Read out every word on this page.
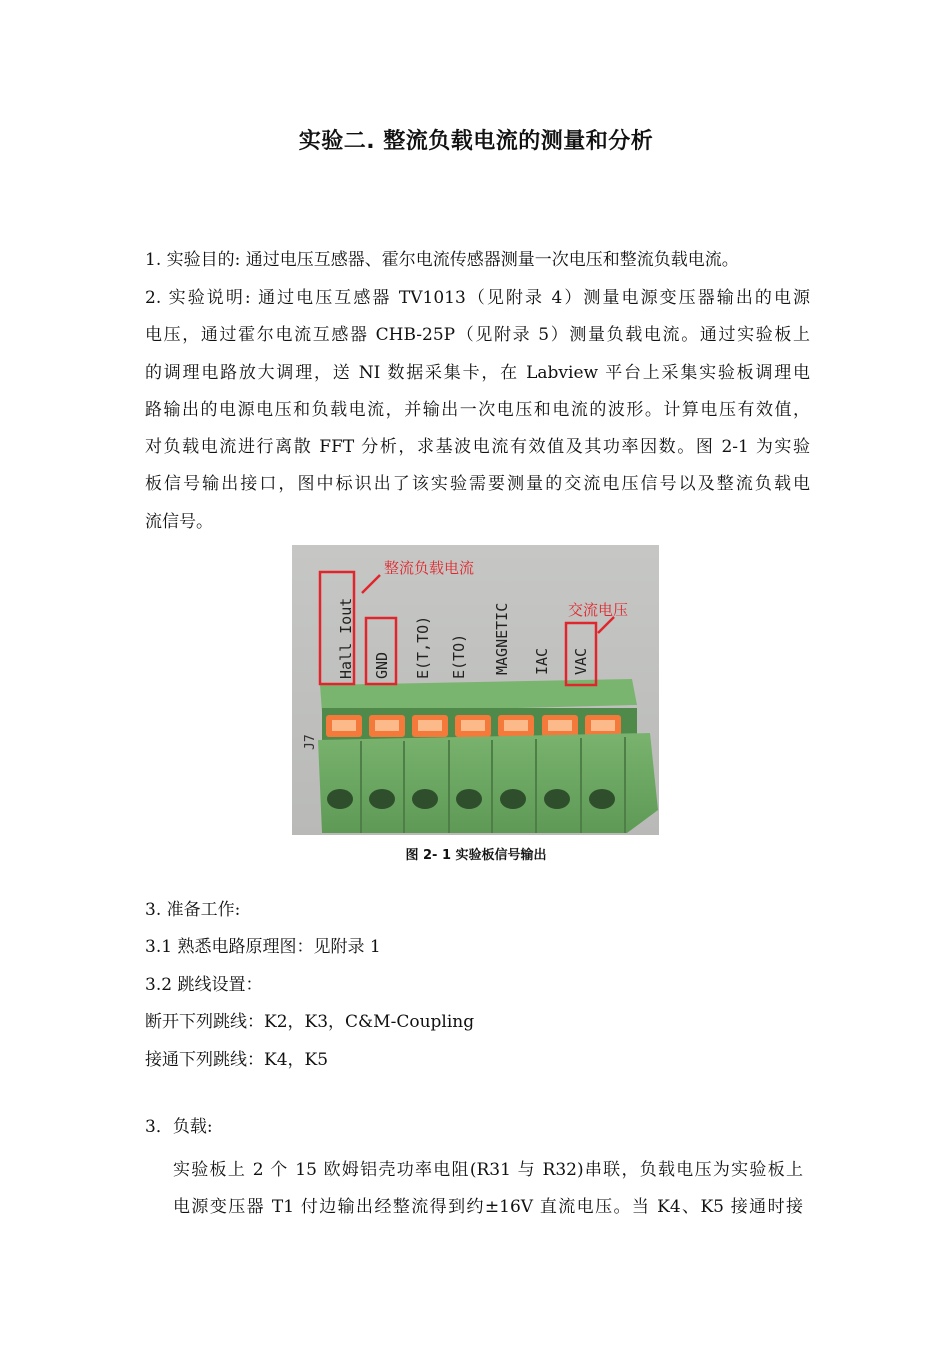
实验二. 整流负载电流的测量和分析
1. 实验目的: 通过电压互感器、霍尔电流传感器测量一次电压和整流负载电流。
2. 实验说明: 通过电压互感器 TV1013（见附录 4）测量电源变压器输出的电源
电压，通过霍尔电流互感器 CHB-25P（见附录 5）测量负载电流。通过实验板上
的调理电路放大调理，送 NI 数据采集卡，在 Labview 平台上采集实验板调理电
路输出的电源电压和负载电流，并输出一次电压和电流的波形。计算电压有效值，
对负载电流进行离散 FFT 分析，求基波电流有效值及其功率因数。图 2-1 为实验
板信号输出接口，图中标识出了该实验需要测量的交流电压信号以及整流负载电
流信号。
J7
Hall_Iout GND E(T,TO) E(TO) MAGNETIC IAC VAC
整流负载电流
交流电压
图 2- 1 实验板信号输出
3. 准备工作:
3.1 熟悉电路原理图：见附录 1
3.2 跳线设置：
断开下列跳线：K2，K3，C&M-Coupling
接通下列跳线：K4，K5
3．负载:
实验板上 2 个 15 欧姆铝壳功率电阻(R31 与 R32)串联，负载电压为实验板上
电源变压器 T1 付边输出经整流得到约±16V 直流电压。当 K4、K5 接通时接
